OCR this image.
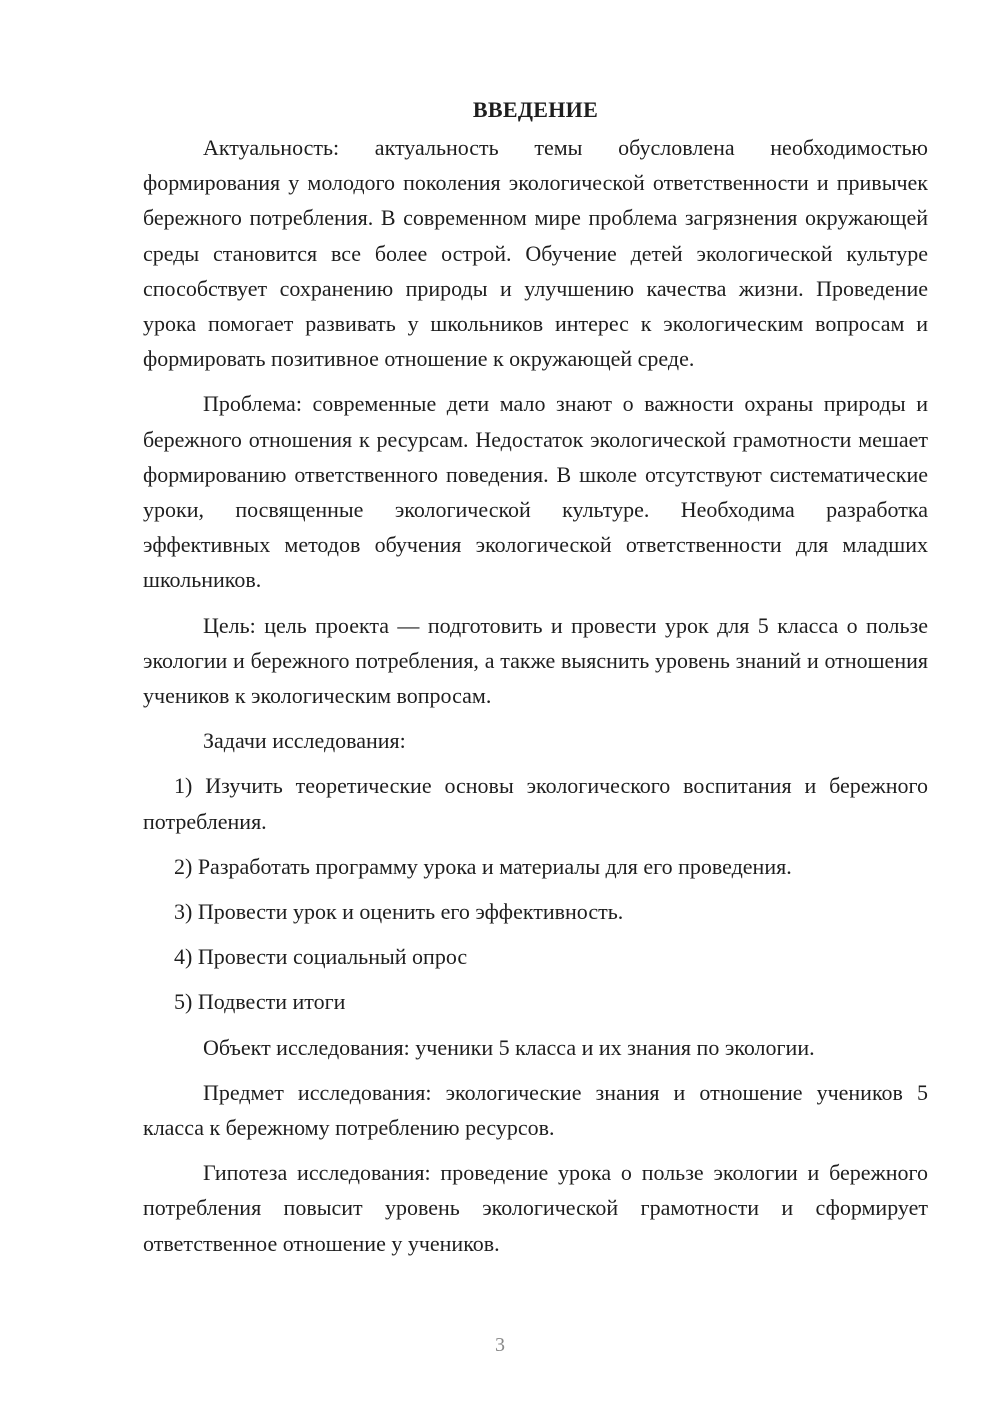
ВВЕДЕНИЕ

Актуальность: актуальность темы обусловлена необходимостью формирования у молодого поколения экологической ответственности и привычек бережного потребления. В современном мире проблема загрязнения окружающей среды становится все более острой. Обучение детей экологической культуре способствует сохранению природы и улучшению качества жизни. Проведение урока помогает развивать у школьников интерес к экологическим вопросам и формировать позитивное отношение к окружающей среде.

Проблема: современные дети мало знают о важности охраны природы и бережного отношения к ресурсам. Недостаток экологической грамотности мешает формированию ответственного поведения. В школе отсутствуют систематические уроки, посвященные экологической культуре. Необходима разработка эффективных методов обучения экологической ответственности для младших школьников.

Цель: цель проекта — подготовить и провести урок для 5 класса о пользе экологии и бережного потребления, а также выяснить уровень знаний и отношения учеников к экологическим вопросам.

Задачи исследования:

1) Изучить теоретические основы экологического воспитания и бережного потребления.

2) Разработать программу урока и материалы для его проведения.

3) Провести урок и оценить его эффективность.

4) Провести социальный опрос

5) Подвести итоги

Объект исследования: ученики 5 класса и их знания по экологии.

Предмет исследования: экологические знания и отношение учеников 5 класса к бережному потреблению ресурсов.

Гипотеза исследования: проведение урока о пользе экологии и бережного потребления повысит уровень экологической грамотности и сформирует ответственное отношение у учеников.

3
